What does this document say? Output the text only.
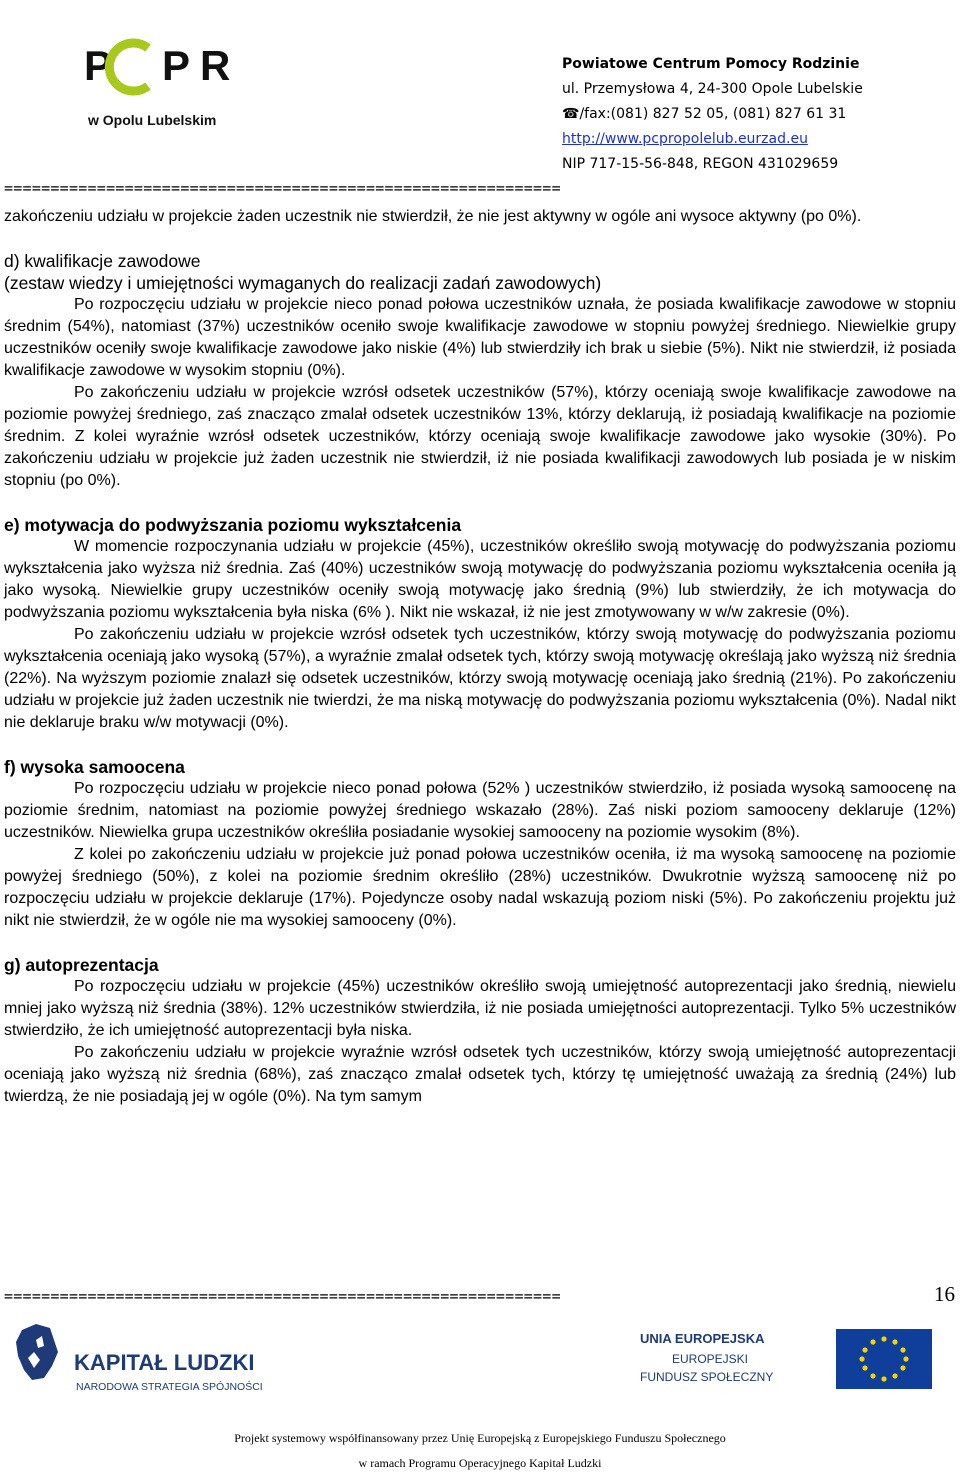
P P R
w Opolu Lubelskim
Powiatowe Centrum Pomocy Rodzinie
ul. Przemysłowa 4, 24-300 Opole Lubelskie
☎/fax:(081) 827 52 05, (081) 827 61 31
http://www.pcpropolelub.eurzad.eu
NIP 717-15-56-848, REGON 431029659
============================================================

zakończeniu udziału w projekcie żaden uczestnik nie stwierdził, że nie jest aktywny w ogóle ani wysoce aktywny (po 0%).

d) kwalifikacje zawodowe

(zestaw wiedzy i umiejętności wymaganych do realizacji zadań zawodowych)

Po rozpoczęciu udziału w projekcie nieco ponad połowa uczestników uznała, że posiada kwalifikacje zawodowe w stopniu średnim (54%), natomiast (37%) uczestników oceniło swoje kwalifikacje zawodowe w stopniu powyżej średniego. Niewielkie grupy uczestników oceniły swoje kwalifikacje zawodowe jako niskie (4%) lub stwierdziły ich brak u siebie (5%). Nikt nie stwierdził, iż posiada kwalifikacje zawodowe w wysokim stopniu (0%).

Po zakończeniu udziału w projekcie wzrósł odsetek uczestników (57%), którzy oceniają swoje kwalifikacje zawodowe na poziomie powyżej średniego, zaś znacząco zmalał odsetek uczestników 13%, którzy deklarują, iż posiadają kwalifikacje na poziomie średnim. Z kolei wyraźnie wzrósł odsetek uczestników, którzy oceniają swoje kwalifikacje zawodowe jako wysokie (30%). Po zakończeniu udziału w projekcie już żaden uczestnik nie stwierdził, iż nie posiada kwalifikacji zawodowych lub posiada je w niskim stopniu (po 0%).

e) motywacja do podwyższania poziomu wykształcenia

W momencie rozpoczynania udziału w projekcie (45%), uczestników określiło swoją motywację do podwyższania poziomu wykształcenia jako wyższa niż średnia. Zaś (40%) uczestników swoją motywację do podwyższania poziomu wykształcenia oceniła ją jako wysoką. Niewielkie grupy uczestników oceniły swoją motywację jako średnią (9%) lub stwierdziły, że ich motywacja do podwyższania poziomu wykształcenia była niska (6% ). Nikt nie wskazał, iż nie jest zmotywowany w w/w zakresie (0%).

Po zakończeniu udziału w projekcie wzrósł odsetek tych uczestników, którzy swoją motywację do podwyższania poziomu wykształcenia oceniają jako wysoką (57%), a wyraźnie zmalał odsetek tych, którzy swoją motywację określają jako wyższą niż średnia (22%). Na wyższym poziomie znalazł się odsetek uczestników, którzy swoją motywację oceniają jako średnią (21%). Po zakończeniu udziału w projekcie już żaden uczestnik nie twierdzi, że ma niską motywację do podwyższania poziomu wykształcenia (0%). Nadal nikt nie deklaruje braku w/w motywacji (0%).

f) wysoka samoocena

Po rozpoczęciu udziału w projekcie nieco ponad połowa (52% ) uczestników stwierdziło, iż posiada wysoką samoocenę na poziomie średnim, natomiast na poziomie powyżej średniego wskazało (28%). Zaś niski poziom samooceny deklaruje (12%) uczestników. Niewielka grupa uczestników określiła posiadanie wysokiej samooceny na poziomie wysokim (8%).

Z kolei po zakończeniu udziału w projekcie już ponad połowa uczestników oceniła, iż ma wysoką samoocenę na poziomie powyżej średniego (50%), z kolei na poziomie średnim określiło (28%) uczestników. Dwukrotnie wyższą samoocenę niż po rozpoczęciu udziału w projekcie deklaruje (17%). Pojedyncze osoby nadal wskazują poziom niski (5%). Po zakończeniu projektu już nikt nie stwierdził, że w ogóle nie ma wysokiej samooceny (0%).

g) autoprezentacja

Po rozpoczęciu udziału w projekcie (45%) uczestników określiło swoją umiejętność autoprezentacji jako średnią, niewielu mniej jako wyższą niż średnia (38%). 12% uczestników stwierdziła, iż nie posiada umiejętności autoprezentacji. Tylko 5% uczestników stwierdziło, że ich umiejętność autoprezentacji była niska.

Po zakończeniu udziału w projekcie wyraźnie wzrósł odsetek tych uczestników, którzy swoją umiejętność autoprezentacji oceniają jako wyższą niż średnia (68%), zaś znacząco zmalał odsetek tych, którzy tę umiejętność uważają za średnią (24%) lub twierdzą, że nie posiadają jej w ogóle (0%). Na tym samym

============================================================	16
KAPITAŁ LUDZKI
NARODOWA STRATEGIA SPÓJNOŚCI
UNIA EUROPEJSKA
EUROPEJSKI
FUNDUSZ SPOŁECZNY
Projekt systemowy współfinansowany przez Unię Europejską z Europejskiego Funduszu Społecznego
w ramach Programu Operacyjnego Kapitał Ludzki
